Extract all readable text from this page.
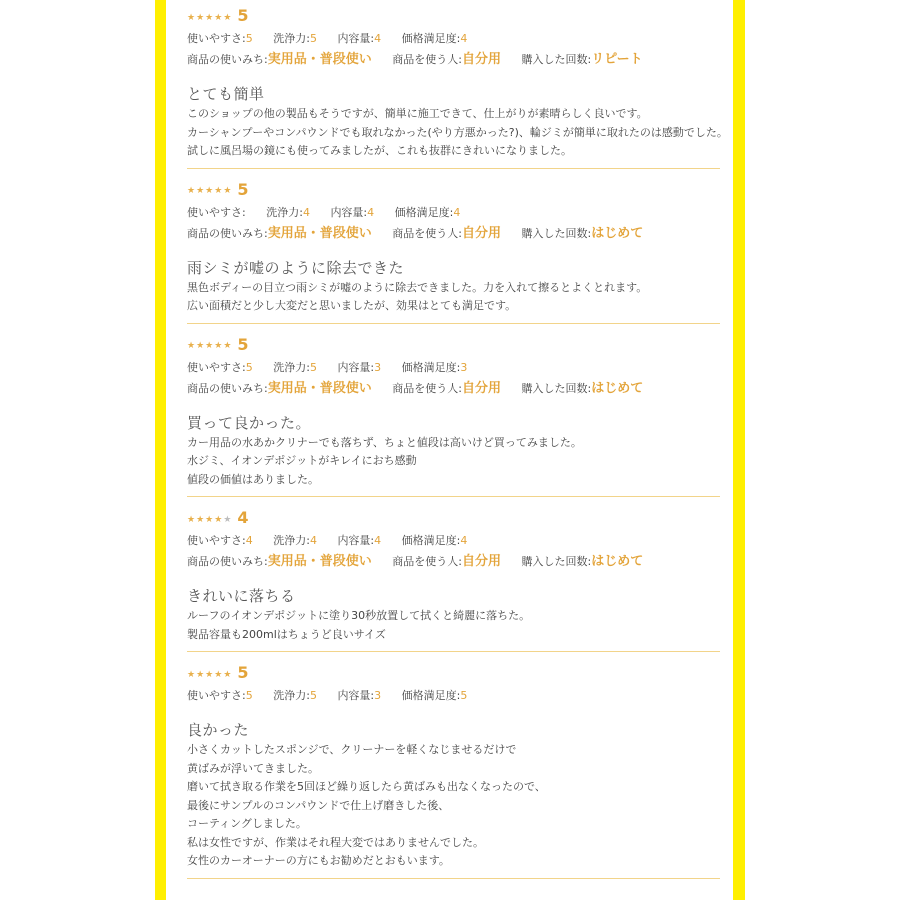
★ ★ ★ ★ ★ 5
使いやすさ:5 洗浄力:5 内容量:4 価格満足度:4
商品の使いみち:実用品・普段使い 商品を使う人:自分用 購入した回数:リピート
とても簡単

このショップの他の製品もそうですが、簡単に施工できて、仕上がりが素晴らしく良いです。

カーシャンプーやコンパウンドでも取れなかった(やり方悪かった?)、輪ジミが簡単に取れたのは感動でした。

試しに風呂場の鏡にも使ってみましたが、これも抜群にきれいになりました。

★ ★ ★ ★ ★ 5
使いやすさ: 洗浄力:4 内容量:4 価格満足度:4
商品の使いみち:実用品・普段使い 商品を使う人:自分用 購入した回数:はじめて
雨シミが嘘のように除去できた

黒色ボディーの目立つ雨シミが嘘のように除去できました。力を入れて擦るとよくとれます。

広い面積だと少し大変だと思いましたが、効果はとても満足です。

★ ★ ★ ★ ★ 5
使いやすさ:5 洗浄力:5 内容量:3 価格満足度:3
商品の使いみち:実用品・普段使い 商品を使う人:自分用 購入した回数:はじめて
買って良かった。

カー用品の水あかクリナーでも落ちず、ちょと値段は高いけど買ってみました。

水ジミ、イオンデポジットがキレイにおち感動

値段の価値はありました。

★ ★ ★ ★ ★ 4
使いやすさ:4 洗浄力:4 内容量:4 価格満足度:4
商品の使いみち:実用品・普段使い 商品を使う人:自分用 購入した回数:はじめて
きれいに落ちる

ルーフのイオンデポジットに塗り30秒放置して拭くと綺麗に落ちた。

製品容量も200mlはちょうど良いサイズ

★ ★ ★ ★ ★ 5
使いやすさ:5 洗浄力:5 内容量:3 価格満足度:5
良かった

小さくカットしたスポンジで、クリーナーを軽くなじませるだけで

黄ばみが浮いてきました。

磨いて拭き取る作業を5回ほど繰り返したら黄ばみも出なくなったので、

最後にサンプルのコンパウンドで仕上げ磨きした後、

コーティングしました。

私は女性ですが、作業はそれ程大変ではありませんでした。

女性のカーオーナーの方にもお勧めだとおもいます。
